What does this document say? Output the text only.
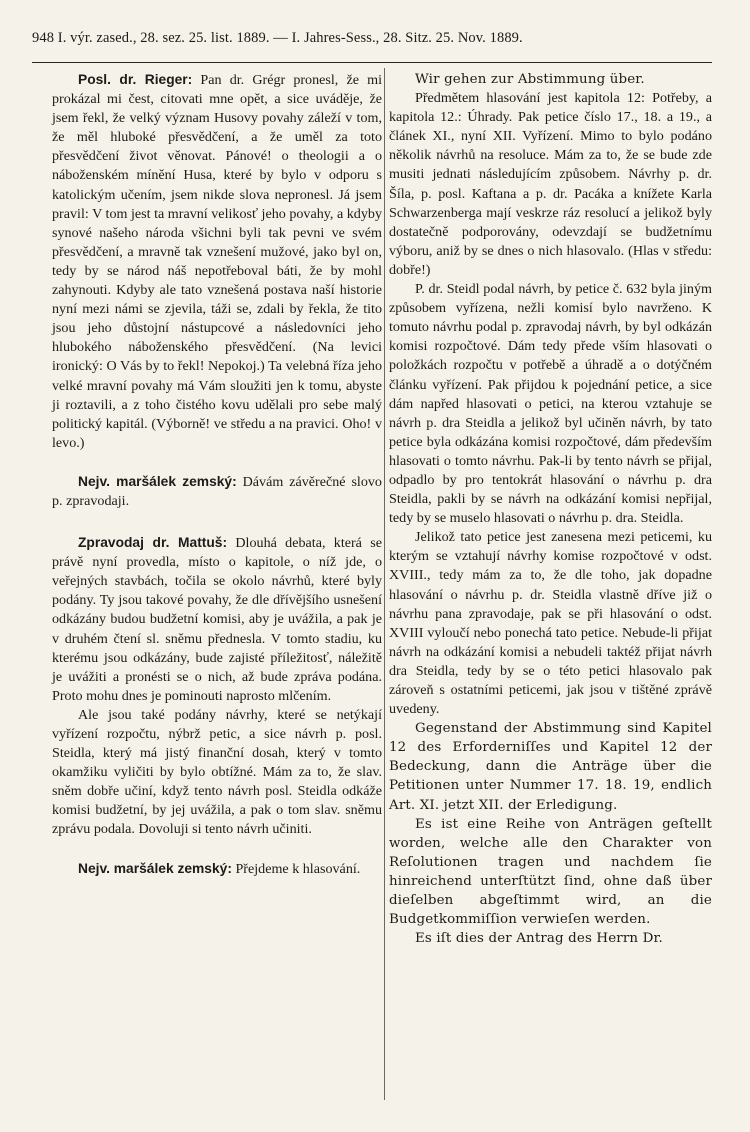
948 I. výr. zased., 28. sez. 25. list. 1889. — I. Jahres-Sess., 28. Sitz. 25. Nov. 1889.

Posl. dr. Rieger: Pan dr. Grégr pronesl, že mi prokázal mi čest, citovati mne opět, a sice uváděje, že jsem řekl, že velký význam Husovy povahy záleží v tom, že měl hluboké přesvědčení, a že uměl za toto přesvědčení život věnovat. Pánové! o theologii a o náboženském mínění Husa, které by bylo v odporu s katolickým učením, jsem nikde slova nepronesl. Já jsem pravil: V tom jest ta mravní velikosť jeho povahy, a kdyby synové našeho národa všichni byli tak pevni ve svém přesvědčení, a mravně tak vznešení mužové, jako byl on, tedy by se národ náš nepotřeboval báti, že by mohl zahynouti. Kdyby ale tato vznešená postava naší historie nyní mezi námi se zjevila, táži se, zdali by řekla, že tito jsou jeho důstojní nástupcové a následovníci jeho hlubokého náboženského přesvědčení. (Na levici ironický: O Vás by to řekl! Nepokoj.) Ta velebná říza jeho velké mravní povahy má Vám sloužiti jen k tomu, abyste ji roztavili, a z toho čistého kovu udělali pro sebe malý politický kapitál. (Výborně! ve středu a na pravici. Oho! v levo.)

Nejv. maršálek zemský: Dávám závěrečné slovo p. zpravodaji.

Zpravodaj dr. Mattuš: Dlouhá debata, která se právě nyní provedla, místo o kapitole, o níž jde, o veřejných stavbách, točila se okolo návrhů, které byly podány. Ty jsou takové povahy, že dle dřívějšího usnešení odkázány budou budžetní komisi, aby je uvážila, a pak je v druhém čtení sl. sněmu přednesla. V tomto stadiu, ku kterému jsou odkázány, bude zajisté příležitosť, náležitě je uvážiti a pronésti se o nich, až bude zpráva podána. Proto mohu dnes je pominouti naprosto mlčením.

Ale jsou také podány návrhy, které se netýkají vyřízení rozpočtu, nýbrž petic, a sice návrh p. posl. Steidla, který má jistý finanční dosah, který v tomto okamžiku vyličiti by bylo obtížné. Mám za to, že slav. sněm dobře učiní, když tento návrh posl. Steidla odkáže komisi budžetní, by jej uvážila, a pak o tom slav. sněmu zprávu podala. Dovoluji si tento návrh učiniti.

Nejv. maršálek zemský: Přejdeme k hlasování.

Wir gehen zur Abstimmung über.

Předmětem hlasování jest kapitola 12: Potřeby, a kapitola 12.: Úhrady. Pak petice číslo 17., 18. a 19., a článek XI., nyní XII. Vyřízení. Mimo to bylo podáno několik návrhů na resoluce. Mám za to, že se bude zde musiti jednati následujícím způsobem. Návrhy p. dr. Šíla, p. posl. Kaftana a p. dr. Pacáka a knížete Karla Schwarzenberga mají veskrze ráz resolucí a jelikož byly dostatečně podporovány, odevzdají se budžetnímu výboru, aniž by se dnes o nich hlasovalo. (Hlas v středu: dobře!)

P. dr. Steidl podal návrh, by petice č. 632 byla jiným způsobem vyřízena, nežli komisí bylo navrženo. K tomuto návrhu podal p. zpravodaj návrh, by byl odkázán komisi rozpočtové. Dám tedy přede vším hlasovati o položkách rozpočtu v potřebě a úhradě a o dotýčném článku vyřízení. Pak přijdou k pojednání petice, a sice dám napřed hlasovati o petici, na kterou vztahuje se návrh p. dra Steidla a jelikož byl učiněn návrh, by tato petice byla odkázána komisi rozpočtové, dám především hlasovati o tomto návrhu. Pak-li by tento návrh se přijal, odpadlo by pro tentokrát hlasování o návrhu p. dra Steidla, pakli by se návrh na odkázání komisi nepřijal, tedy by se muselo hlasovati o návrhu p. dra. Steidla.

Jelikož tato petice jest zanesena mezi peticemi, ku kterým se vztahují návrhy komise rozpočtové v odst. XVIII., tedy mám za to, že dle toho, jak dopadne hlasování o návrhu p. dr. Steidla vlastně dříve již o návrhu pana zpravodaje, pak se při hlasování o odst. XVIII vyloučí nebo ponechá tato petice. Nebude-li přijat návrh na odkázání komisi a nebudeli taktéž přijat návrh dra Steidla, tedy by se o této petici hlasovalo pak zároveň s ostatními peticemi, jak jsou v tištěné zprávě uvedeny.

Gegenstand der Abstimmung sind Kapitel 12 des Erforderniſſes und Kapitel 12 der Bedeckung, dann die Anträge über die Petitionen unter Nummer 17. 18. 19, endlich Art. XI. jetzt XII. der Erledigung.

Es ist eine Reihe von Anträgen geſtellt worden, welche alle den Charakter von Reſolutionen tragen und nachdem ſie hinreichend unterſtützt ſind, ohne daß über dieſelben abgeſtimmt wird, an die Budgetkommiſſion verwieſen werden.

Es iſt dies der Antrag des Herrn Dr.
